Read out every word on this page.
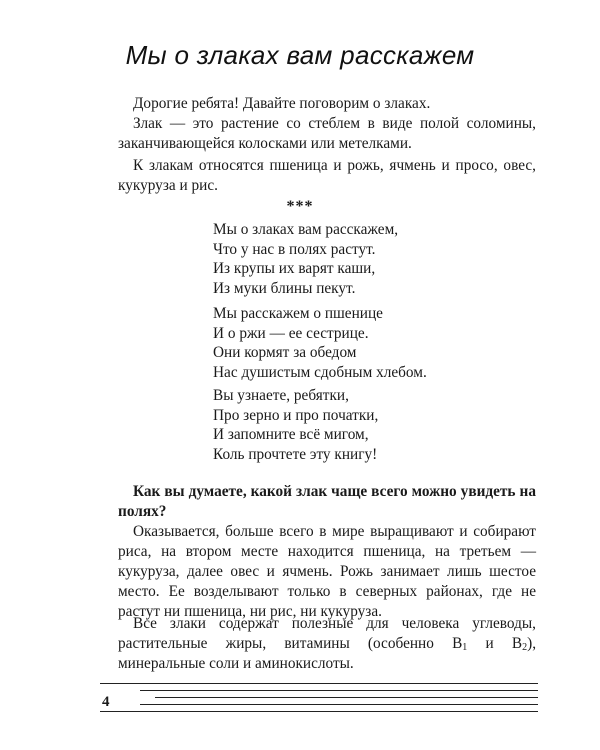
Мы о злаках вам расскажем
Дорогие ребята! Давайте поговорим о злаках.
Злак — это растение со стеблем в виде полой соломины, заканчивающейся колосками или метелками.
К злакам относятся пшеница и рожь, ячмень и просо, овес, кукуруза и рис.
***
Мы о злаках вам расскажем,
Что у нас в полях растут.
Из крупы их варят каши,
Из муки блины пекут.
Мы расскажем о пшенице
И о ржи — ее сестрице.
Они кормят за обедом
Нас душистым сдобным хлебом.
Вы узнаете, ребятки,
Про зерно и про початки,
И запомните всё мигом,
Коль прочтете эту книгу!
Как вы думаете, какой злак чаще всего можно увидеть на полях?
Оказывается, больше всего в мире выращивают и собирают риса, на втором месте находится пшеница, на третьем — кукуруза, далее овес и ячмень. Рожь занимает лишь шестое место. Ее возделывают только в северных районах, где не растут ни пшеница, ни рис, ни кукуруза.
Все злаки содержат полезные для человека углеводы, растительные жиры, витамины (особенно $B_1$ и $B_2$), минеральные соли и аминокислоты.
4
